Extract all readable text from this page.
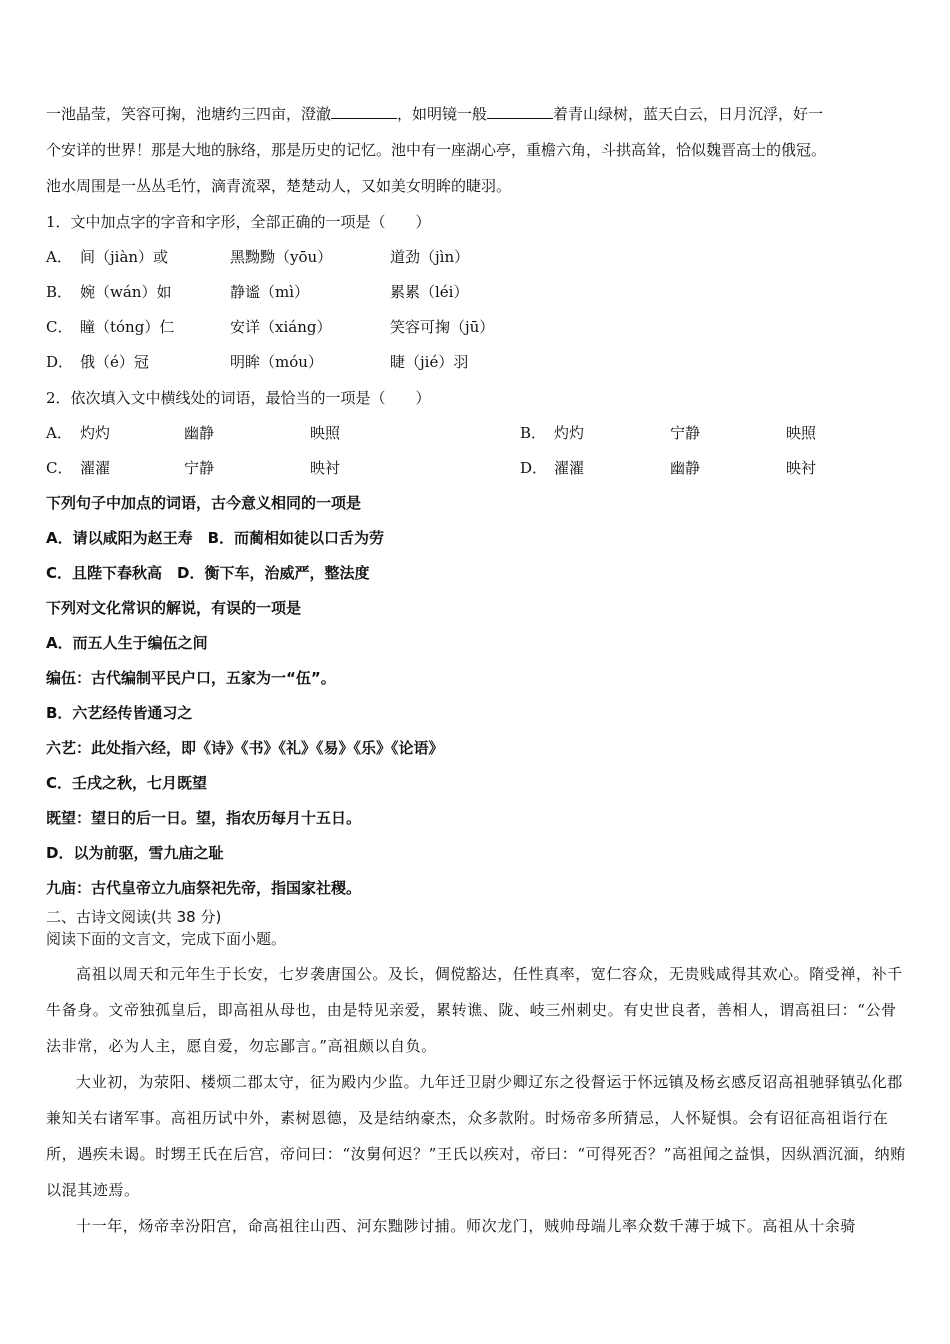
一池晶莹，笑容可掬，池塘约三四亩，澄澈	，如明镜一般	着青山绿树，蓝天白云，日月沉浮，好一

个安详的世界！那是大地的脉络，那是历史的记忆。池中有一座湖心亭，重檐六角，斗拱高耸，恰似魏晋高士的俄冠。

池水周围是一丛丛毛竹，滴青流翠，楚楚动人，又如美女明眸的睫羽。

1．文中加点字的字音和字形，全部正确的一项是（　　）

A． 间（jiàn）或	黑黝黝（yōu）	道劲（jìn）
B． 婉（wán）如	静谧（mì）	累累（léi）
C． 瞳（tóng）仁	安详（xiáng）	笑容可掬（jū）
D． 俄（é）冠	明眸（móu）	睫（jié）羽

2．依次填入文中横线处的词语，最恰当的一项是（　　）

A． 灼灼	幽静	映照	B． 灼灼	宁静	映照
C． 濯濯	宁静	映衬	D． 濯濯	幽静	映衬

下列句子中加点的词语，古今意义相同的一项是

A．请以咸阳为赵王寿　B．而蔺相如徒以口舌为劳

C．且陛下春秋高　D．衡下车，治威严，整法度

下列对文化常识的解说，有误的一项是

A．而五人生于编伍之间

编伍：古代编制平民户口，五家为一“伍”。

B．六艺经传皆通习之

六艺：此处指六经，即《诗》《书》《礼》《易》《乐》《论语》

C．壬戌之秋，七月既望

既望：望日的后一日。望，指农历每月十五日。

D．以为前驱，雪九庙之耻

九庙：古代皇帝立九庙祭祀先帝，指国家社稷。

二、古诗文阅读(共 38 分)

阅读下面的文言文，完成下面小题。

高祖以周天和元年生于长安，七岁袭唐国公。及长，倜傥豁达，任性真率，宽仁容众，无贵贱咸得其欢心。隋受禅，补千牛备身。文帝独孤皇后，即高祖从母也，由是特见亲爱，累转谯、陇、岐三州刺史。有史世良者，善相人，谓高祖曰：“公骨法非常，必为人主，愿自爱，勿忘鄙言。”高祖颇以自负。

大业初，为荥阳、楼烦二郡太守，征为殿内少监。九年迁卫尉少卿辽东之役督运于怀远镇及杨玄感反诏高祖驰驿镇弘化郡兼知关右诸军事。高祖历试中外，素树恩德，及是结纳豪杰，众多款附。时炀帝多所猜忌，人怀疑惧。会有诏征高祖诣行在所，遇疾未谒。时甥王氏在后宫，帝问曰：“汝舅何迟？”王氏以疾对，帝曰：“可得死否？”高祖闻之益惧，因纵酒沉湎，纳贿以混其迹焉。

十一年，炀帝幸汾阳宫，命高祖往山西、河东黜陟讨捕。师次龙门，贼帅母端儿率众数千薄于城下。高祖从十余骑
